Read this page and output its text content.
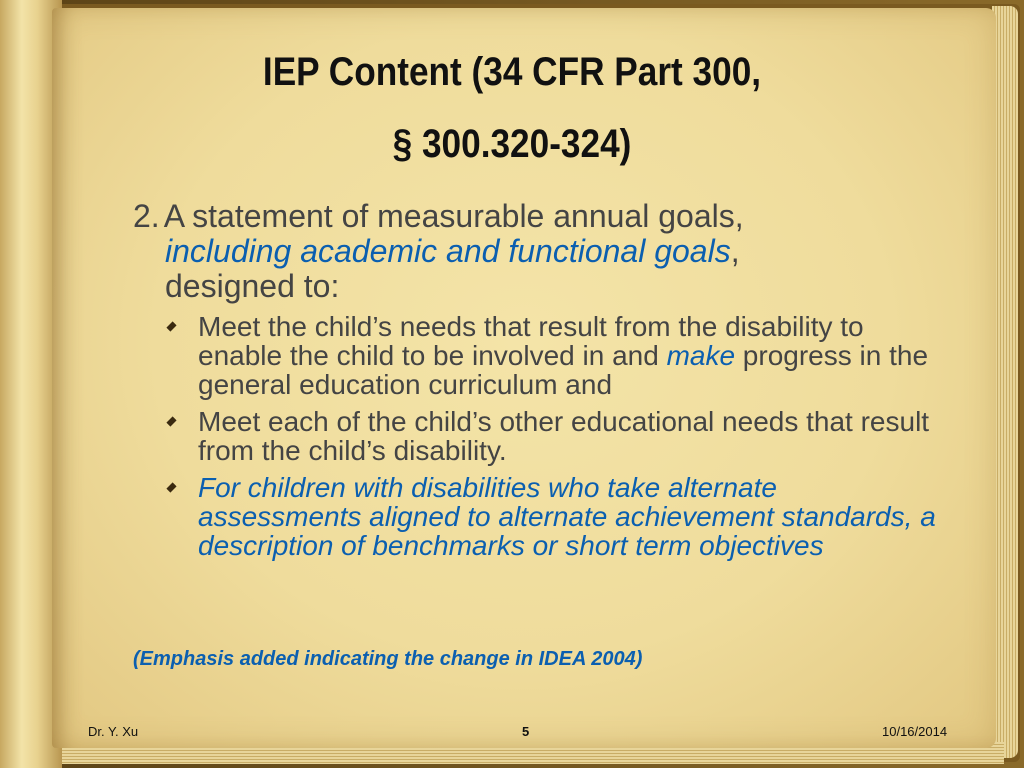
IEP Content (34 CFR Part 300,
§ 300.320-324)
2. A statement of measurable annual goals,
including academic and functional goals,
designed to:
Meet the child’s needs that result from the disability to enable the child to be involved in and make progress in the general education curriculum and
Meet each of the child’s other educational needs that result from the child’s disability.
For children with disabilities who take alternate assessments aligned to alternate achievement standards, a description of benchmarks or short term objectives
(Emphasis added indicating the change in IDEA 2004)
Dr. Y. Xu	5	10/16/2014
